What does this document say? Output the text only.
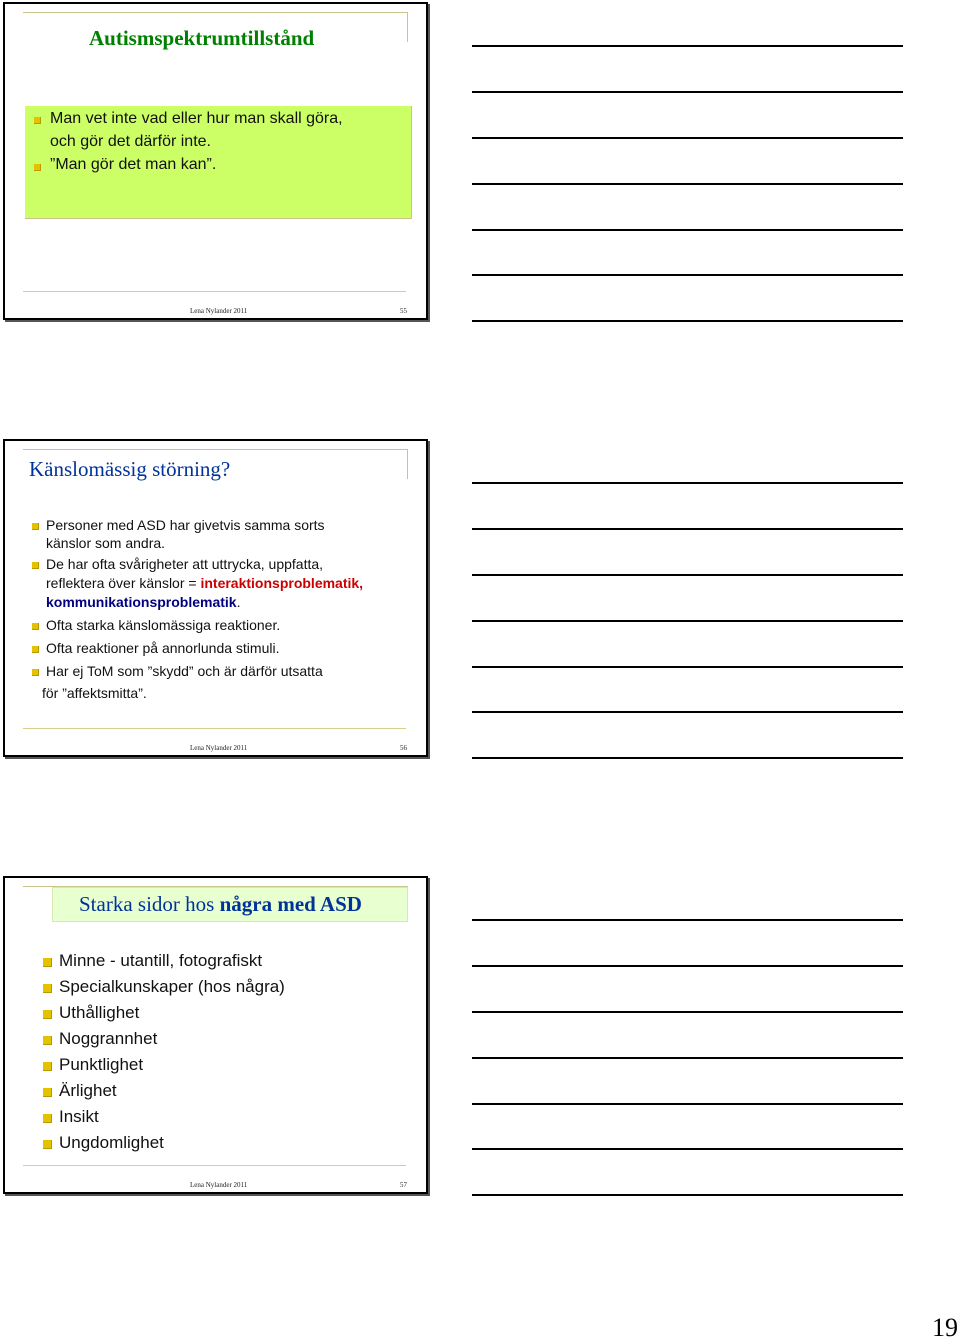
Autismspektrumtillstånd
Man vet inte vad eller hur man skall göra,
och gör det därför inte.
”Man gör det man kan”.
Lena Nylander 2011	55
Känslomässig störning?
Personer med ASD har givetvis samma sorts
känslor som andra.
De har ofta svårigheter att uttrycka, uppfatta,
reflektera över känslor = interaktionsproblematik,
kommunikationsproblematik.
Ofta starka känslomässiga reaktioner.
Ofta reaktioner på annorlunda stimuli.
Har ej ToM som ”skydd” och är därför utsatta
för ”affektsmitta”.
Lena Nylander 2011	56
Starka sidor hos några med ASD
Minne - utantill, fotografiskt
Specialkunskaper (hos några)
Uthållighet
Noggrannhet
Punktlighet
Ärlighet
Insikt
Ungdomlighet
Lena Nylander 2011	57
19
